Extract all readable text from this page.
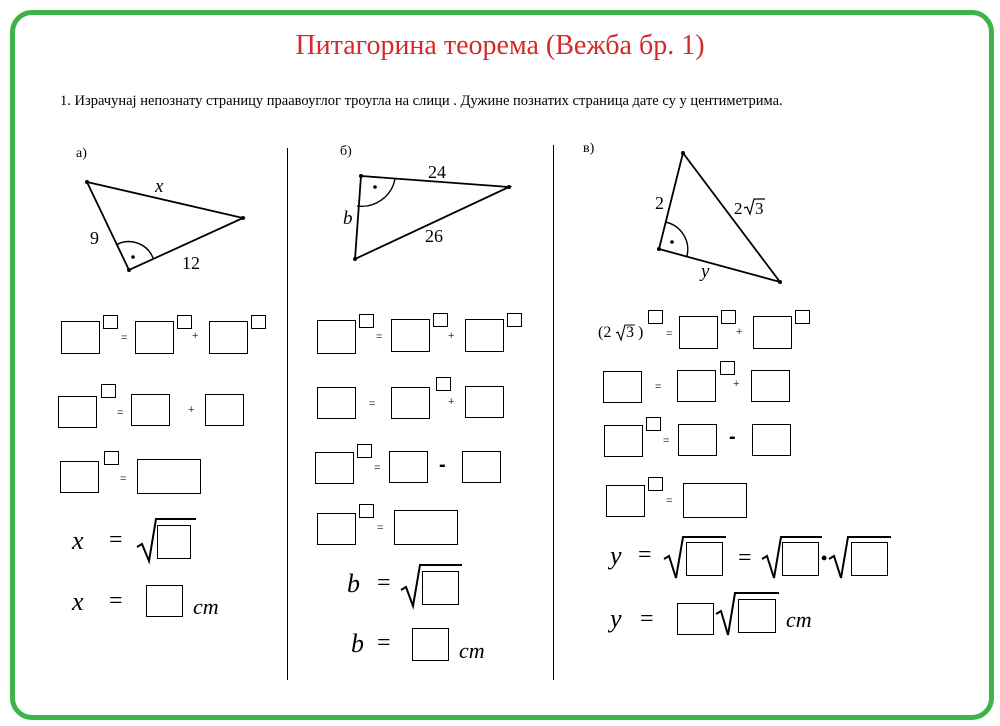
Питагорина теорема (Вежба бр. 1)
1. Израчунај непознату страницу праавоуглог троугла на слици . Дужине познатих страница дате су у центиметрима.
а)
x
9
12
=	+
=	+
=
x =
x =	cm
б)
24
b
26
=	+
=	+
=	-
=
b =
b =	cm
в)
2	2 3
y
(2 3 ) =	+
=	+
=	-
=
y =	=	•
y =	cm
